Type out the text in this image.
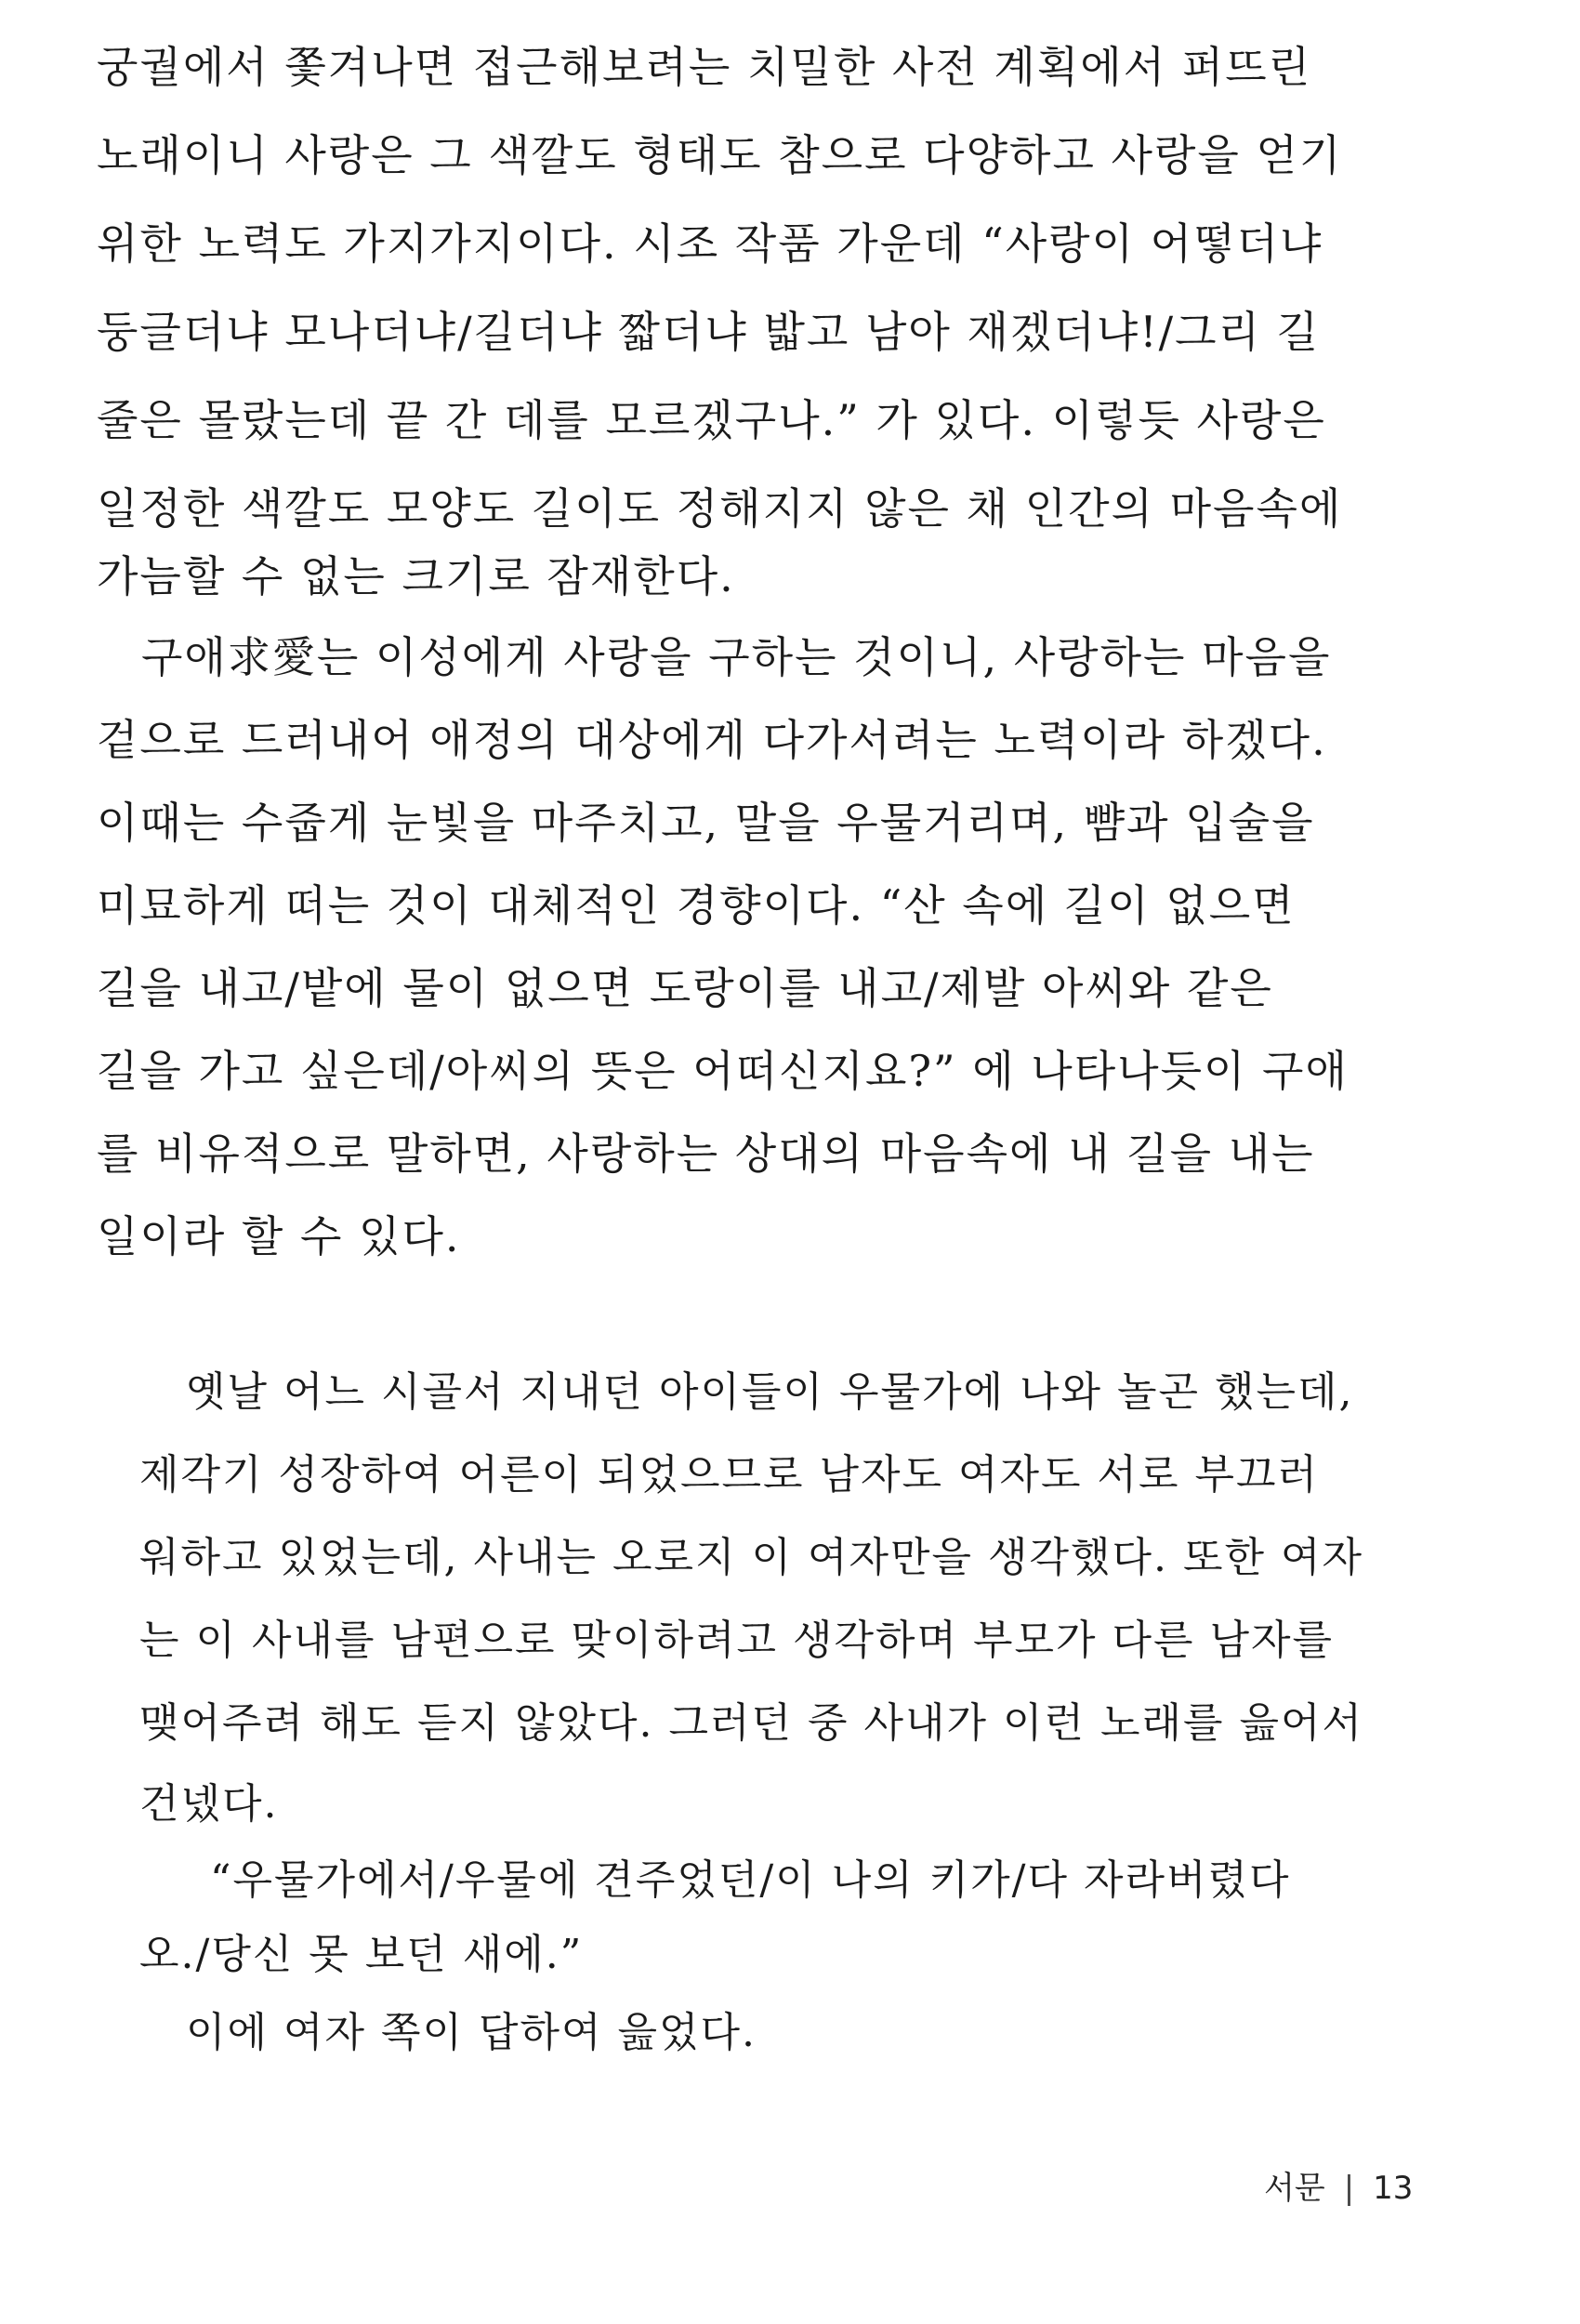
궁궐에서 쫓겨나면 접근해보려는 치밀한 사전 계획에서 퍼뜨린
노래이니 사랑은 그 색깔도 형태도 참으로 다양하고 사랑을 얻기
위한 노력도 가지가지이다. 시조 작품 가운데 “사랑이 어떻더냐
둥글더냐 모나더냐/길더냐 짧더냐 밟고 남아 재겠더냐!/그리 길
줄은 몰랐는데 끝 간 데를 모르겠구나.” 가 있다. 이렇듯 사랑은
일정한 색깔도 모양도 길이도 정해지지 않은 채 인간의 마음속에
가늠할 수 없는 크기로 잠재한다.
구애求愛는 이성에게 사랑을 구하는 것이니, 사랑하는 마음을
겉으로 드러내어 애정의 대상에게 다가서려는 노력이라 하겠다.
이때는 수줍게 눈빛을 마주치고, 말을 우물거리며, 뺨과 입술을
미묘하게 떠는 것이 대체적인 경향이다. “산 속에 길이 없으면
길을 내고/밭에 물이 없으면 도랑이를 내고/제발 아씨와 같은
길을 가고 싶은데/아씨의 뜻은 어떠신지요?” 에 나타나듯이 구애
를 비유적으로 말하면, 사랑하는 상대의 마음속에 내 길을 내는
일이라 할 수 있다.
옛날 어느 시골서 지내던 아이들이 우물가에 나와 놀곤 했는데,
제각기 성장하여 어른이 되었으므로 남자도 여자도 서로 부끄러
워하고 있었는데, 사내는 오로지 이 여자만을 생각했다. 또한 여자
는 이 사내를 남편으로 맞이하려고 생각하며 부모가 다른 남자를
맺어주려 해도 듣지 않았다. 그러던 중 사내가 이런 노래를 읊어서
건넸다.
“우물가에서/우물에 견주었던/이 나의 키가/다 자라버렸다
오./당신 못 보던 새에.”
이에 여자 쪽이 답하여 읊었다.
서문 | 13
